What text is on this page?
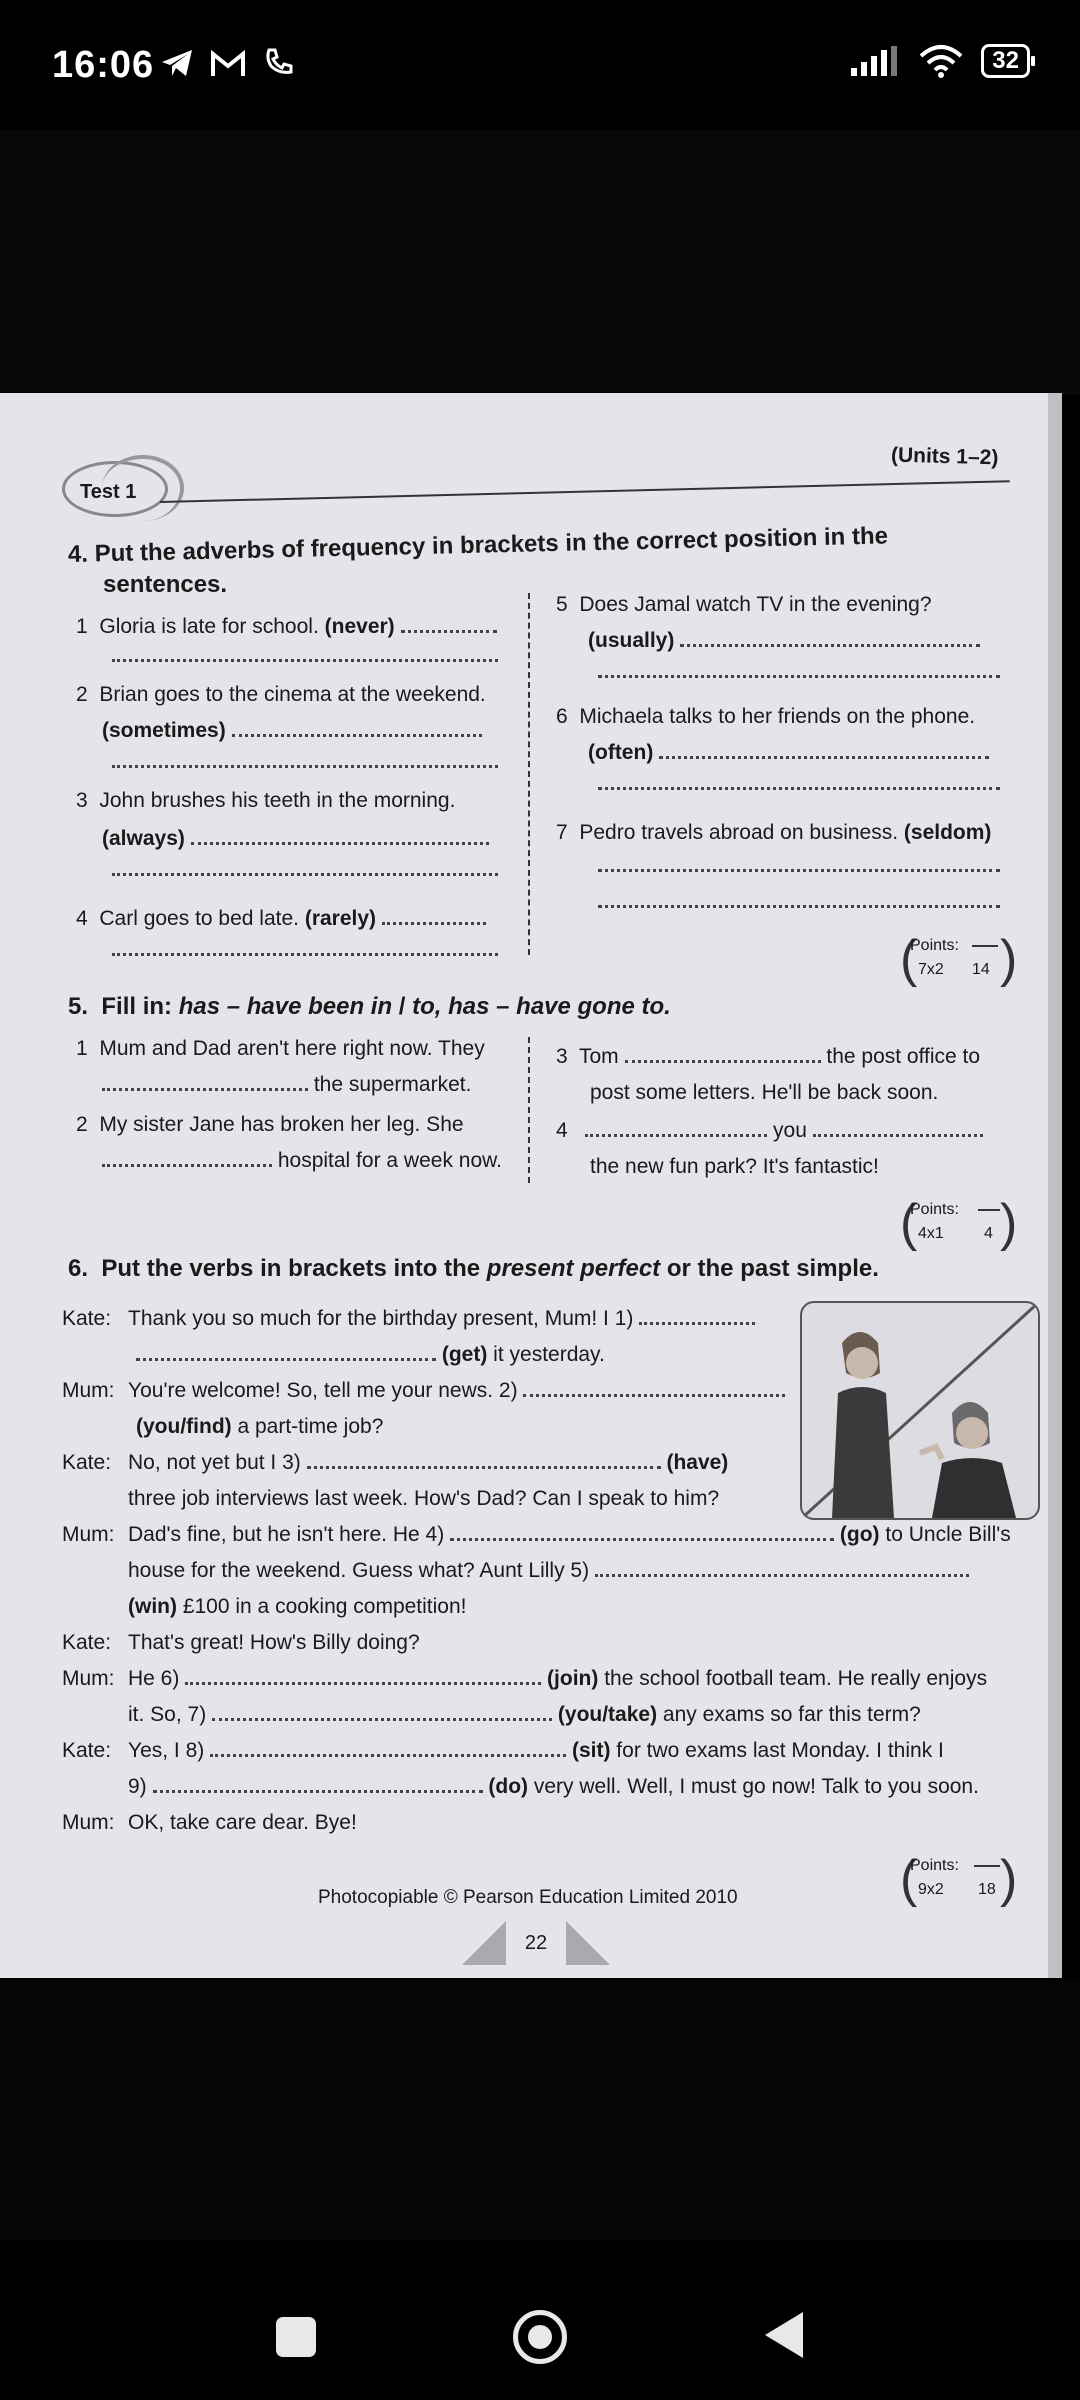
16:06
	32
Test 1
(Units 1–2)
4. Put the adverbs of frequency in brackets in the correct position in the
sentences.
1 Gloria is late for school. (never)
2 Brian goes to the cinema at the weekend.
(sometimes)
3 John brushes his teeth in the morning.
(always)
4 Carl goes to bed late. (rarely)
5 Does Jamal watch TV in the evening?
(usually)
6 Michaela talks to her friends on the phone.
(often)
7 Pedro travels abroad on business. (seldom)
(
Points:
7x2 14 )
5. Fill in: has – have been in / to, has – have gone to.
1 Mum and Dad aren't here right now. They
the supermarket.
2 My sister Jane has broken her leg. She
hospital for a week now.
3 Tom	the post office to
post some letters. He'll be back soon.
4	you
the new fun park? It's fantastic!
(
Points:
4x1	4 )
6. Put the verbs in brackets into the present perfect or the past simple.
Kate: Thank you so much for the birthday present, Mum! I 1)
(get) it yesterday.
Mum: You're welcome! So, tell me your news. 2)
(you/find) a part-time job?
Kate: No, not yet but I 3)	(have)
three job interviews last week. How's Dad? Can I speak to him?
Mum: Dad's fine, but he isn't here. He 4)	(go) to Uncle Bill's
house for the weekend. Guess what? Aunt Lilly 5)
(win) £100 in a cooking competition!
Kate: That's great! How's Billy doing?
Mum: He 6)	(join) the school football team. He really enjoys
it. So, 7)	(you/take) any exams so far this term?
Kate: Yes, I 8)	(sit) for two exams last Monday. I think I
9)	(do) very well. Well, I must go now! Talk to you soon.
Mum: OK, take care dear. Bye!
(
Points:
9x2 18 )
Photocopiable © Pearson Education Limited 2010
22
